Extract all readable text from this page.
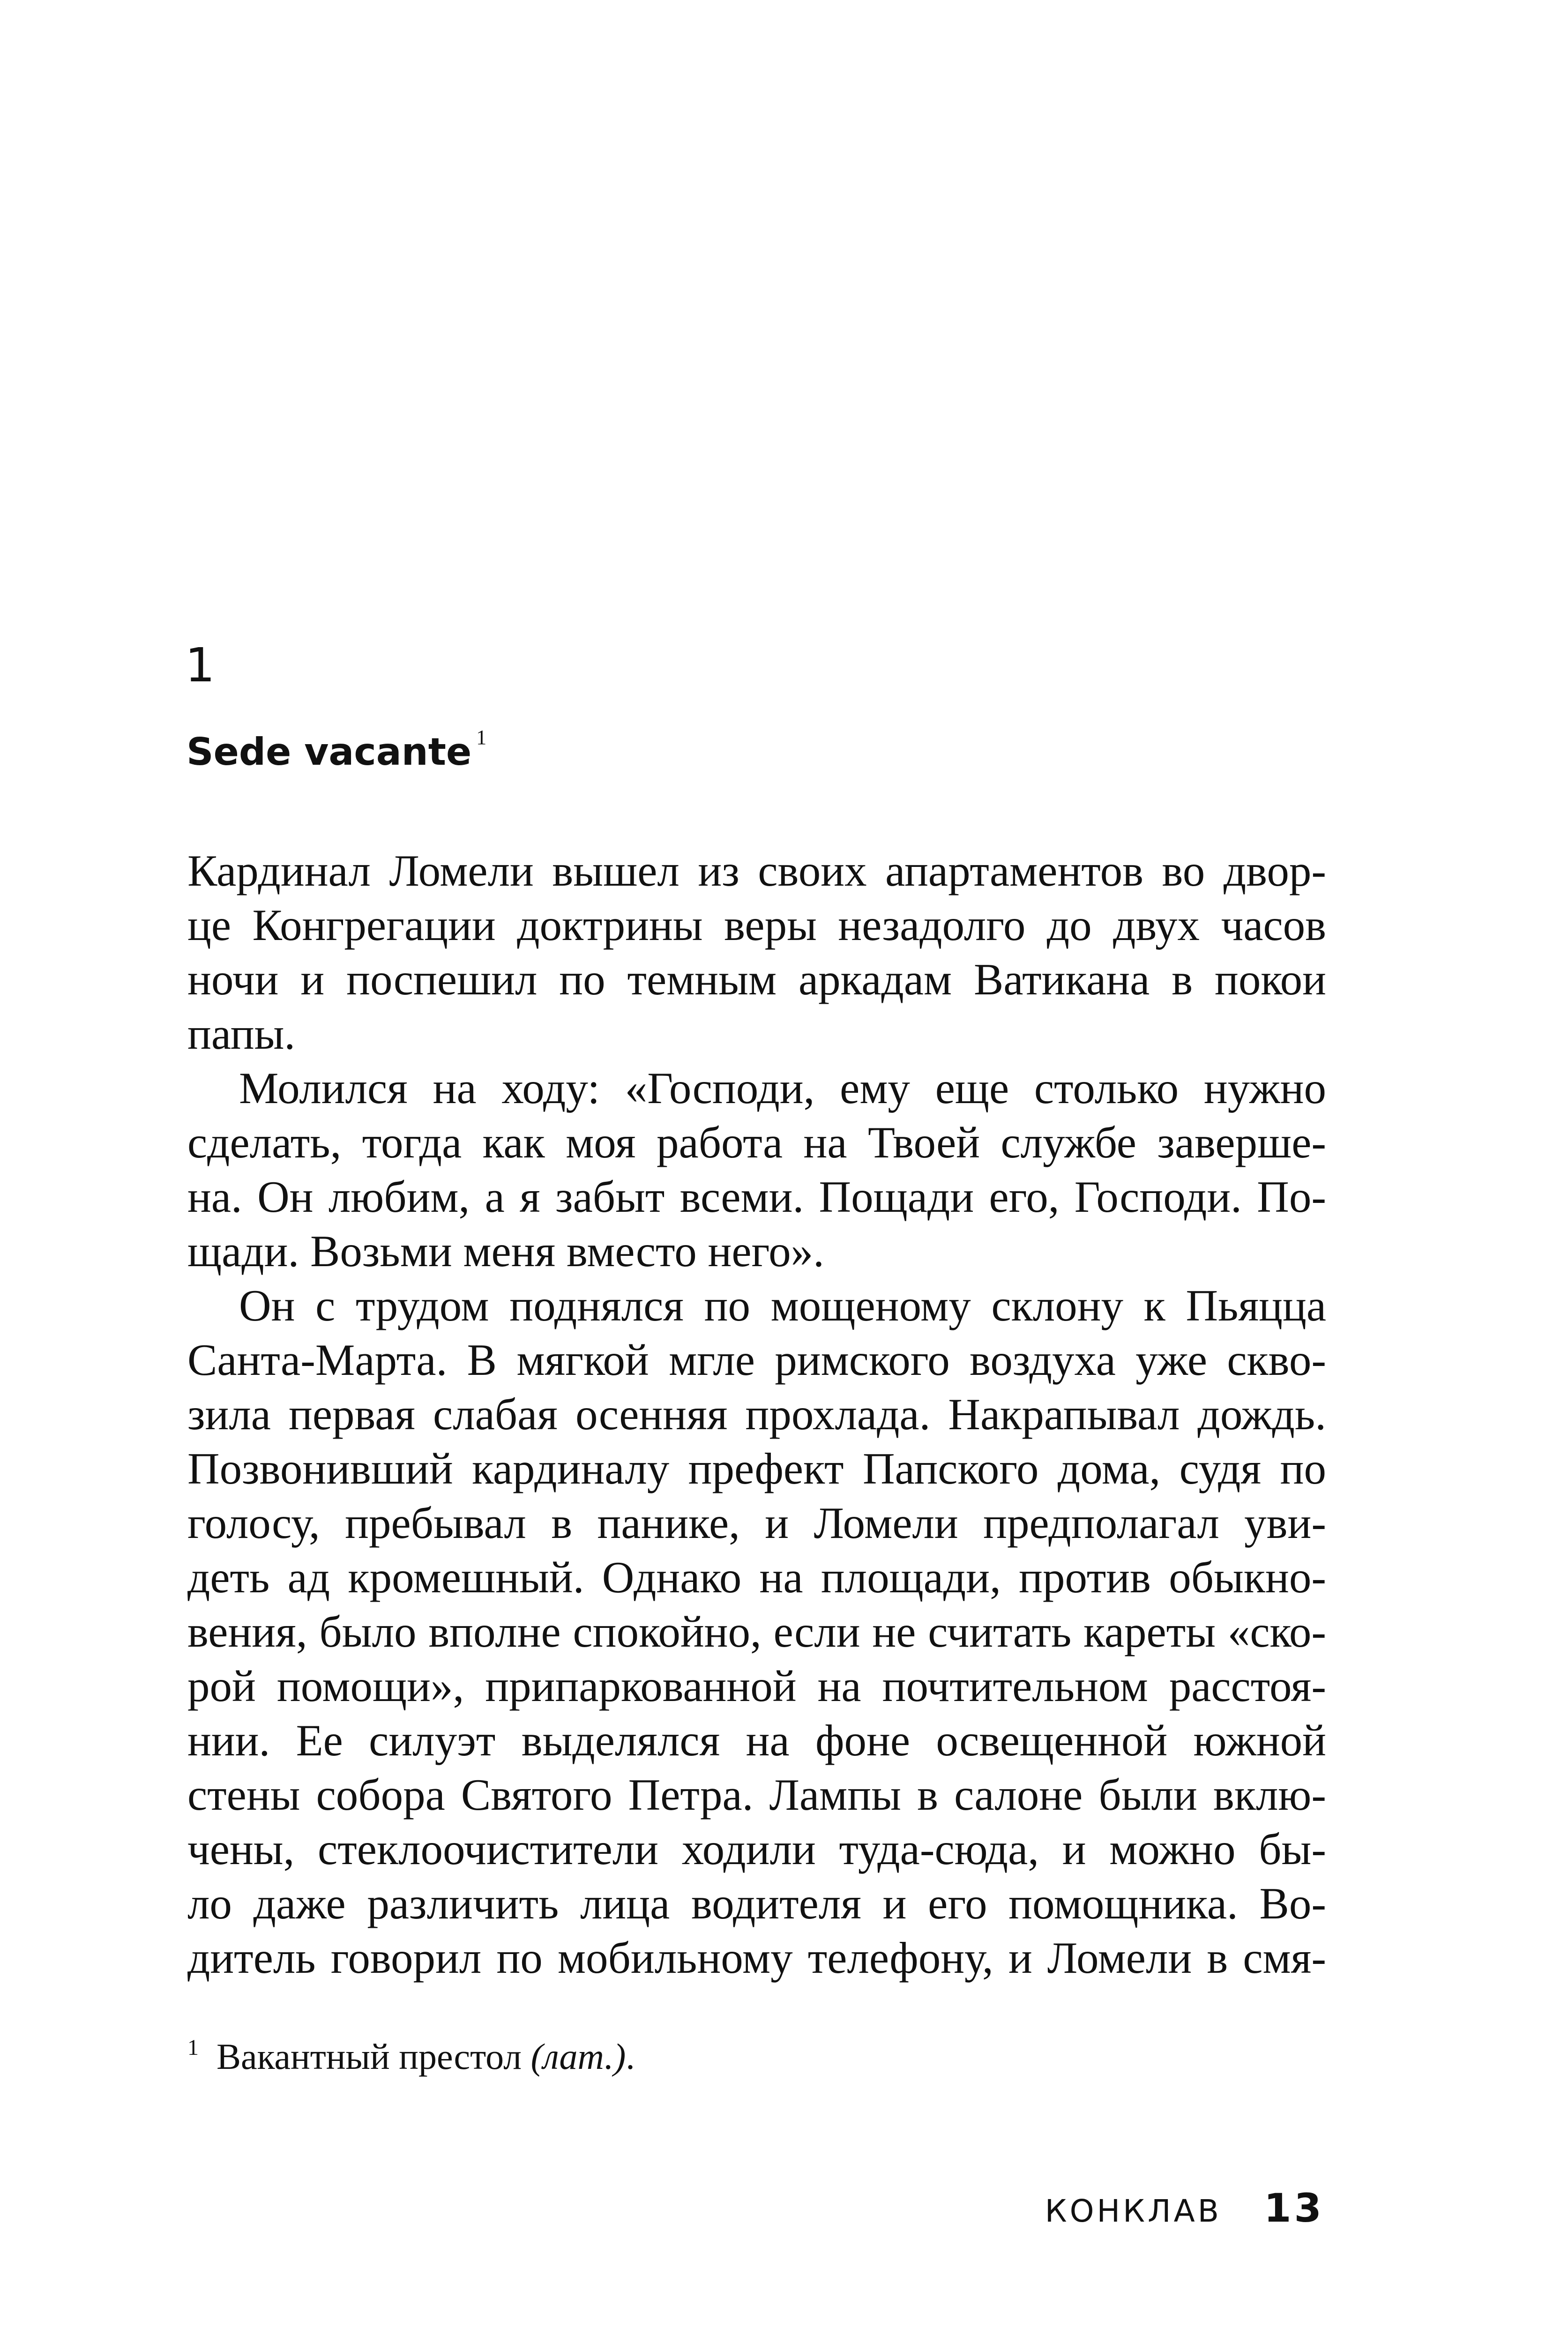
1
Sede vacante $^1$
Кардинал Ломели вышел из своих апартаментов во двор-
це Конгрегации доктрины веры незадолго до двух часов
ночи и поспешил по темным аркадам Ватикана в покои
папы.
Молился на ходу: «Господи, ему еще столько нужно
сделать, тогда как моя работа на Твоей службе заверше-
на. Он любим, а я забыт всеми. Пощади его, Господи. По-
щади. Возьми меня вместо него».
Он с трудом поднялся по мощеному склону к Пьяцца
Санта-Марта. В мягкой мгле римского воздуха уже скво-
зила первая слабая осенняя прохлада. Накрапывал дождь.
Позвонивший кардиналу префект Папского дома, судя по
голосу, пребывал в панике, и Ломели предполагал уви-
деть ад кромешный. Однако на площади, против обыкно-
вения, было вполне спокойно, если не считать кареты «ско-
рой помощи», припаркованной на почтительном расстоя-
нии. Ее силуэт выделялся на фоне освещенной южной
стены собора Святого Петра. Лампы в салоне были вклю-
чены, стеклоочистители ходили туда-сюда, и можно бы-
ло даже различить лица водителя и его помощника. Во-
дитель говорил по мобильному телефону, и Ломели в смя-
$^1$ Вакантный престол (лат.).
КОНКЛАВ 13
